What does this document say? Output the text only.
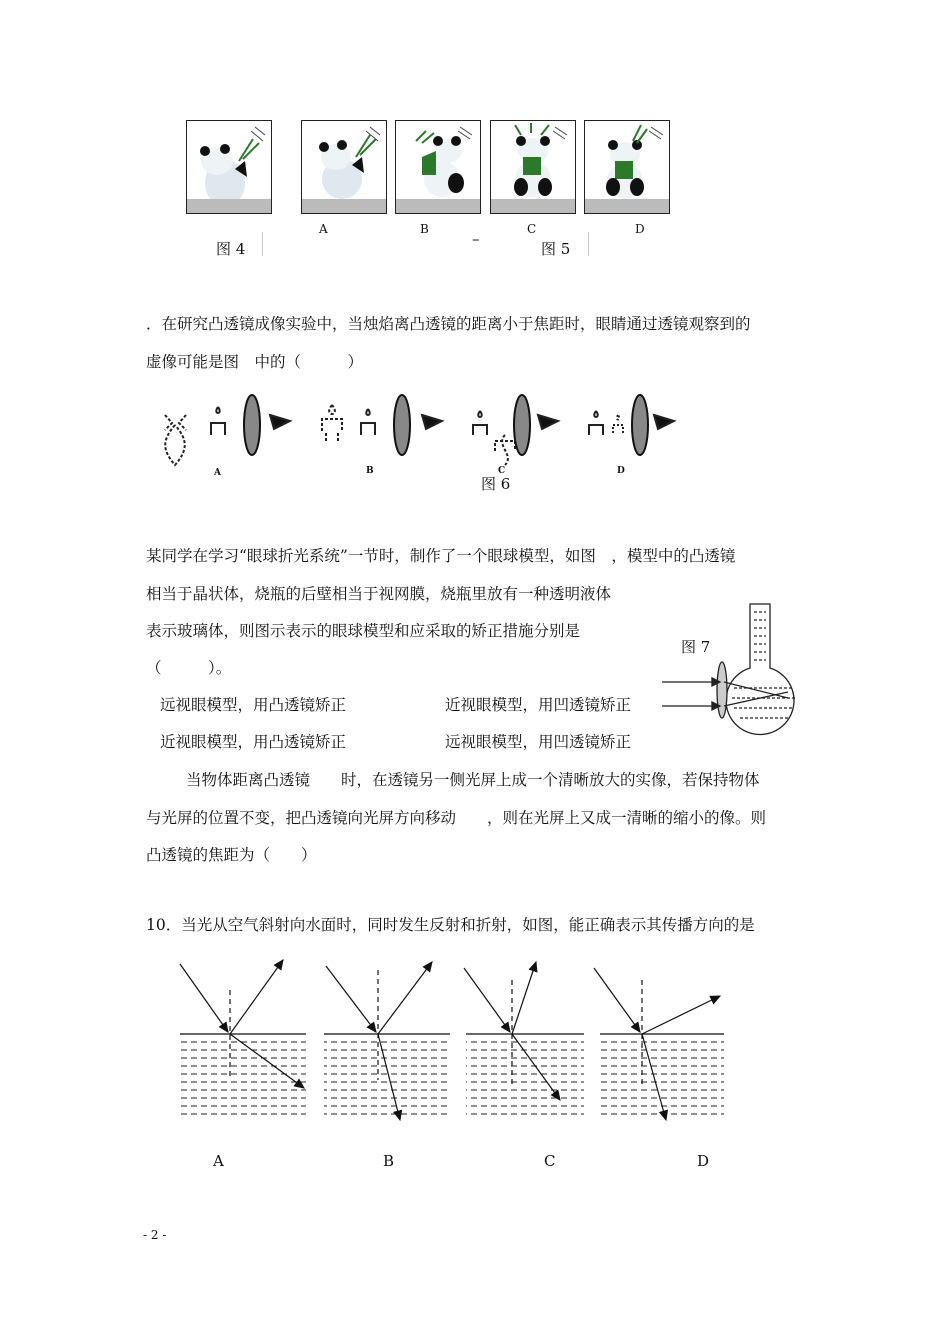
A	B	C	D
图 4
–
图 5
．在研究凸透镜成像实验中，当烛焰离凸透镜的距离小于焦距时，眼睛通过透镜观察到的
虚像可能是图　中的（　　　）
A	B	C	D
图 6
某同学在学习“眼球折光系统”一节时，制作了一个眼球模型，如图　，模型中的凸透镜
相当于晶状体，烧瓶的后壁相当于视网膜，烧瓶里放有一种透明液体
表示玻璃体，则图示表示的眼球模型和应采取的矫正措施分别是
（　　　）。
图 7
远视眼模型，用凸透镜矫正	近视眼模型，用凹透镜矫正
近视眼模型，用凸透镜矫正	远视眼模型，用凹透镜矫正
当物体距离凸透镜　　时，在透镜另一侧光屏上成一个清晰放大的实像，若保持物体
与光屏的位置不变，把凸透镜向光屏方向移动　　，则在光屏上又成一清晰的缩小的像。则
凸透镜的焦距为（　　）
10．当光从空气斜射向水面时，同时发生反射和折射，如图，能正确表示其传播方向的是
A	B	C	D
- 2 -
